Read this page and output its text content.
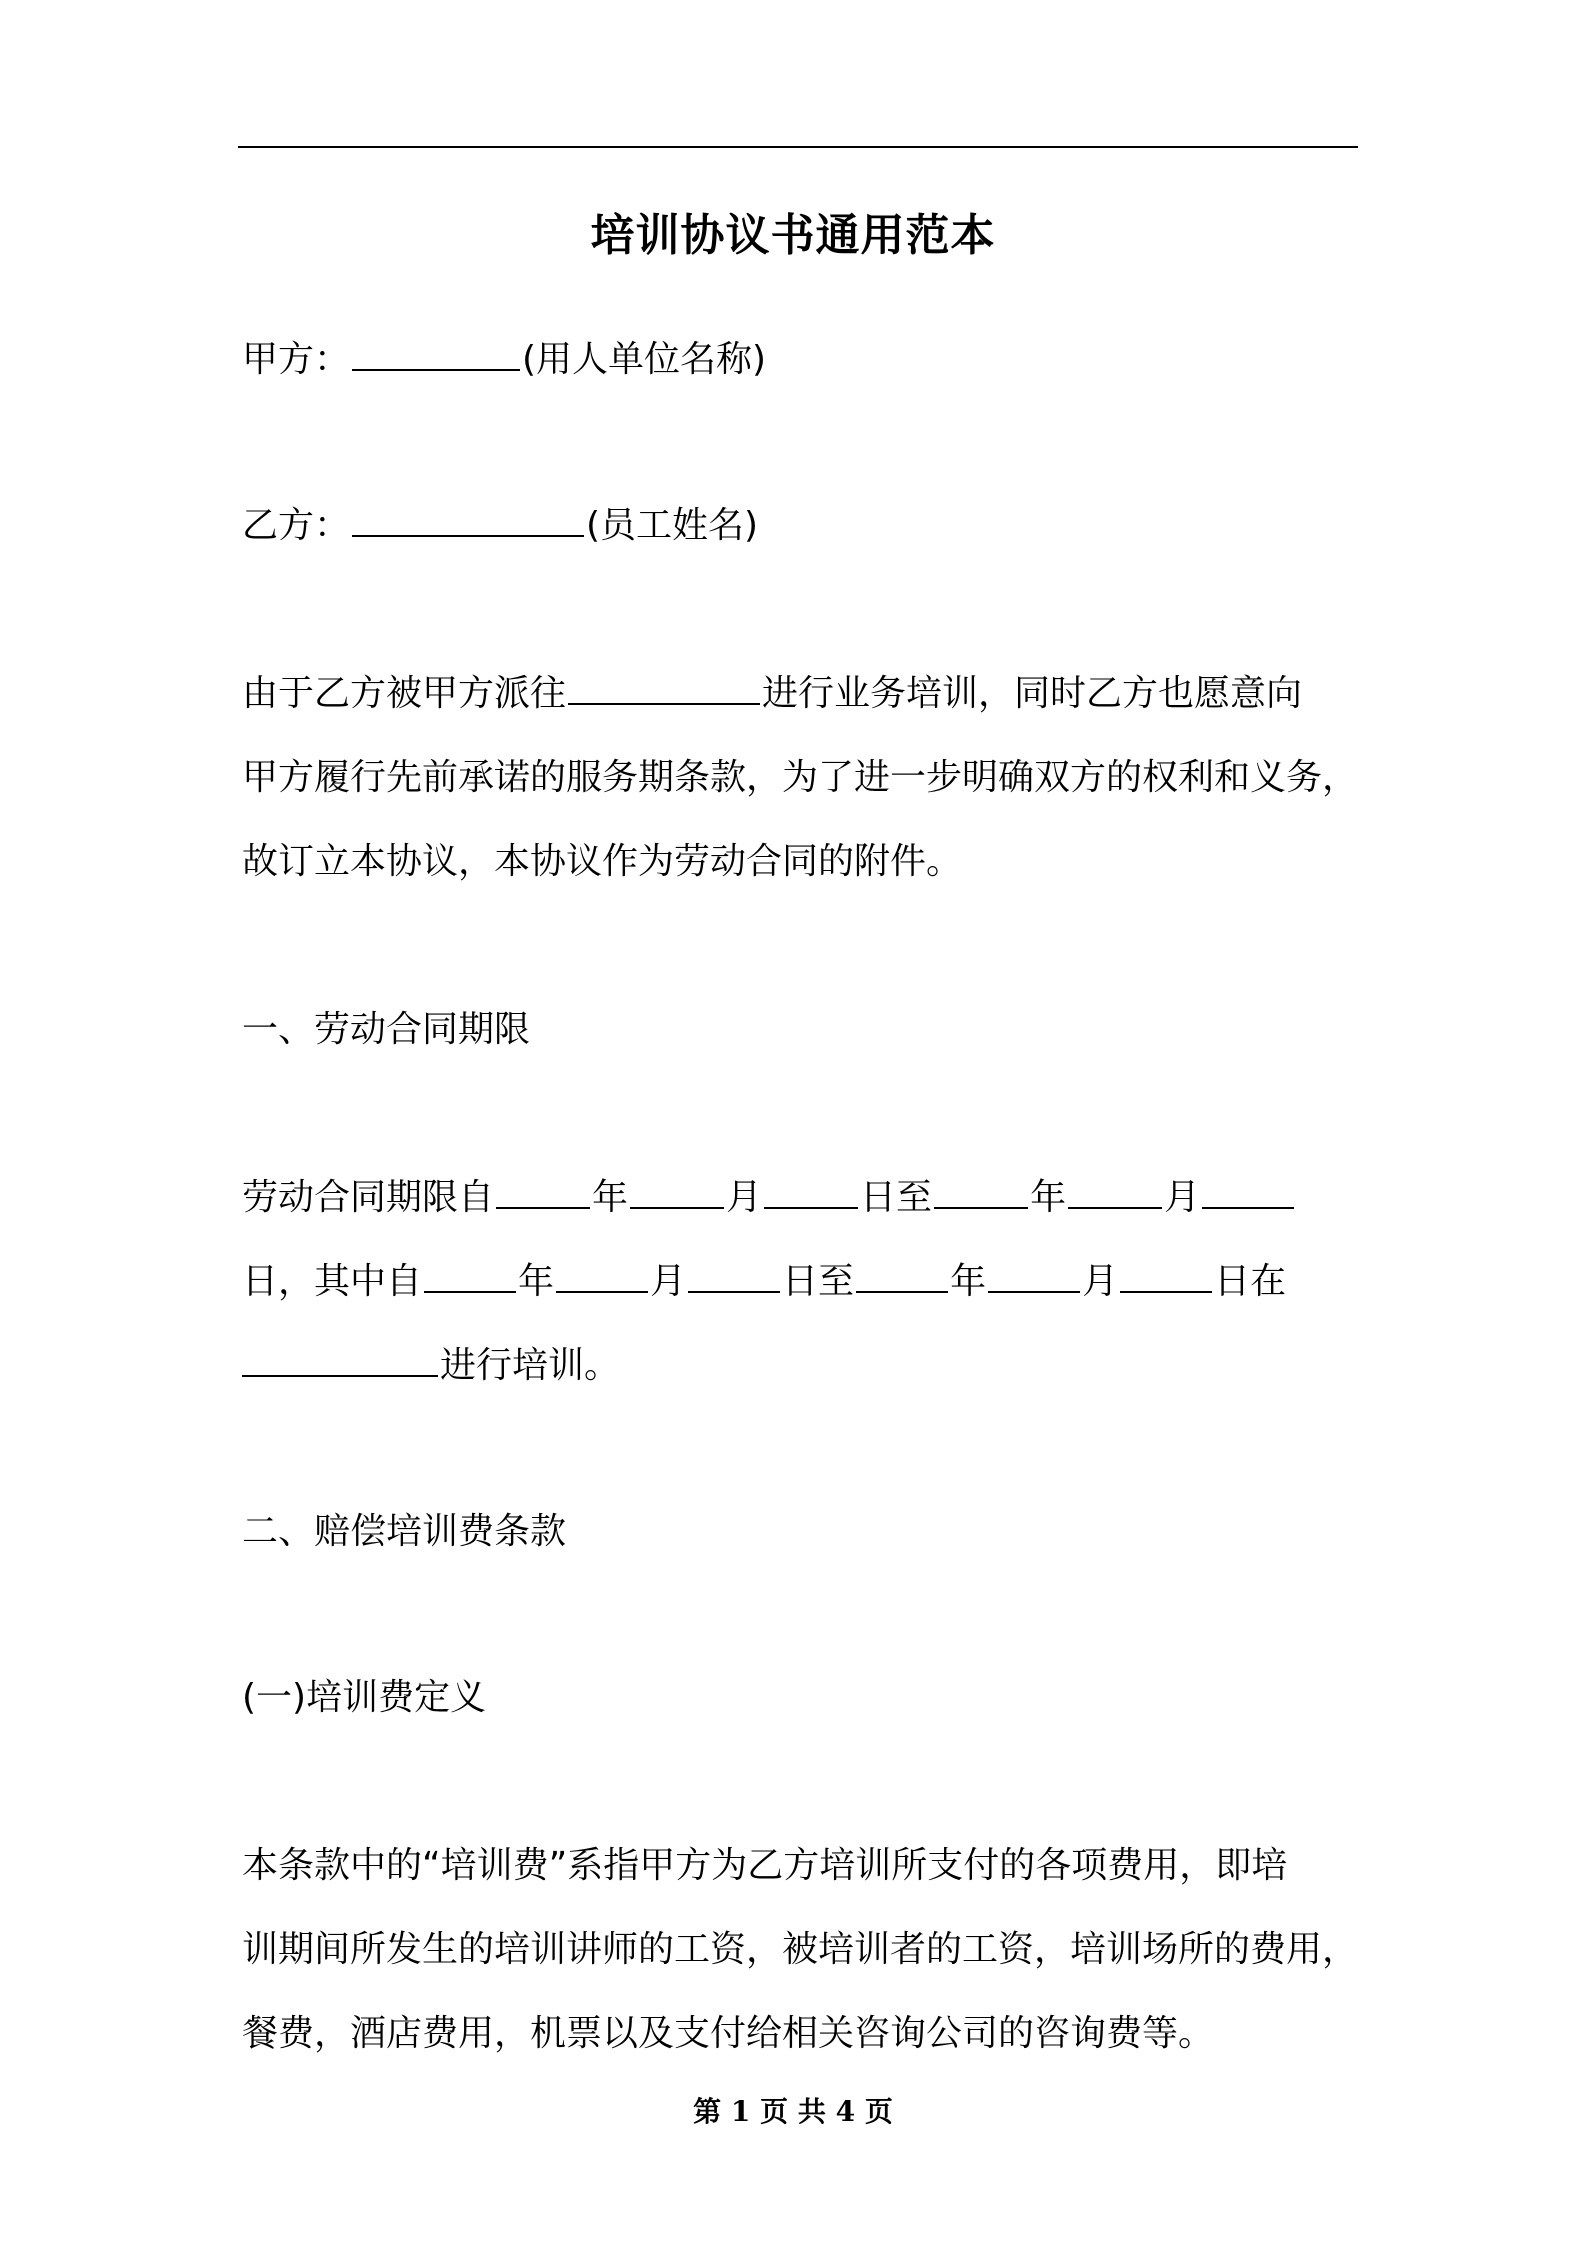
培训协议书通用范本
甲方：	(用人单位名称)
乙方：	(员工姓名)
由于乙方被甲方派往	进行业务培训，同时乙方也愿意向
甲方履行先前承诺的服务期条款，为了进一步明确双方的权利和义务，
故订立本协议，本协议作为劳动合同的附件。
一、劳动合同期限
劳动合同期限自	年	月	日至	年	月
日，其中自	年	月	日至	年	月	日在
进行培训。
二、赔偿培训费条款
(一)培训费定义
本条款中的“培训费”系指甲方为乙方培训所支付的各项费用，即培
训期间所发生的培训讲师的工资，被培训者的工资，培训场所的费用，
餐费，酒店费用，机票以及支付给相关咨询公司的咨询费等。
第 1 页 共 4 页
